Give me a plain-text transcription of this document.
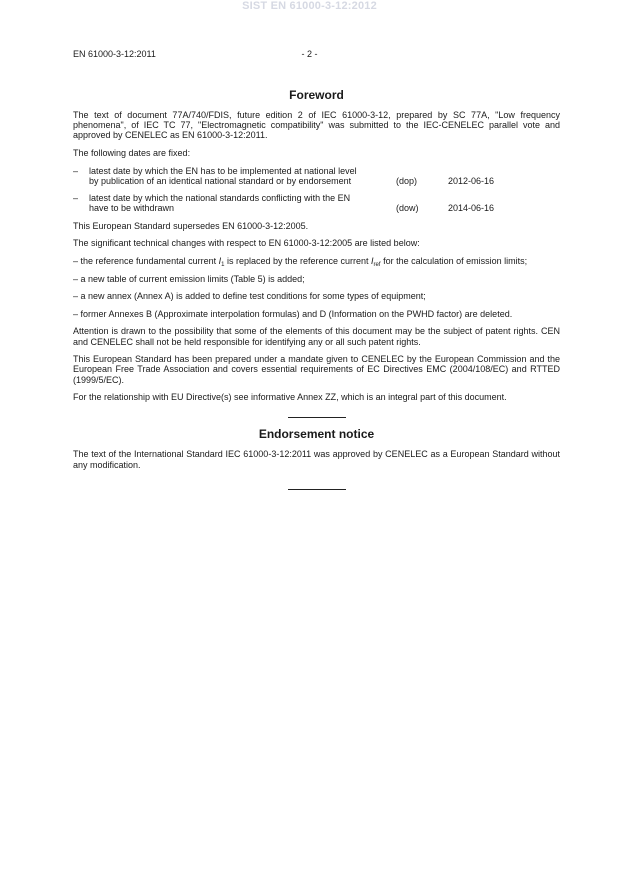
SIST EN 61000-3-12:2012
EN 61000-3-12:2011	- 2 -
Foreword

The text of document 77A/740/FDIS, future edition 2 of IEC 61000-3-12, prepared by SC 77A, "Low frequency phenomena", of IEC TC 77, "Electromagnetic compatibility" was submitted to the IEC-CENELEC parallel vote and approved by CENELEC as EN 61000-3-12:2011.

The following dates are fixed:

– latest date by which the EN has to be implemented at national level by publication of an identical national standard or by endorsement	(dop)	2012-06-16
– latest date by which the national standards conflicting with the EN have to be withdrawn	(dow)	2014-06-16

This European Standard supersedes EN 61000-3-12:2005.

The significant technical changes with respect to EN 61000-3-12:2005 are listed below:

– the reference fundamental current $I_1$ is replaced by the reference current $I_{ref}$ for the calculation of emission limits;

– a new table of current emission limits (Table 5) is added;

– a new annex (Annex A) is added to define test conditions for some types of equipment;

– former Annexes B (Approximate interpolation formulas) and D (Information on the PWHD factor) are deleted.

Attention is drawn to the possibility that some of the elements of this document may be the subject of patent rights. CEN and CENELEC shall not be held responsible for identifying any or all such patent rights.

This European Standard has been prepared under a mandate given to CENELEC by the European Commission and the European Free Trade Association and covers essential requirements of EC Directives EMC (2004/108/EC) and RTTED (1999/5/EC).

For the relationship with EU Directive(s) see informative Annex ZZ, which is an integral part of this document.

Endorsement notice

The text of the International Standard IEC 61000-3-12:2011 was approved by CENELEC as a European Standard without any modification.
